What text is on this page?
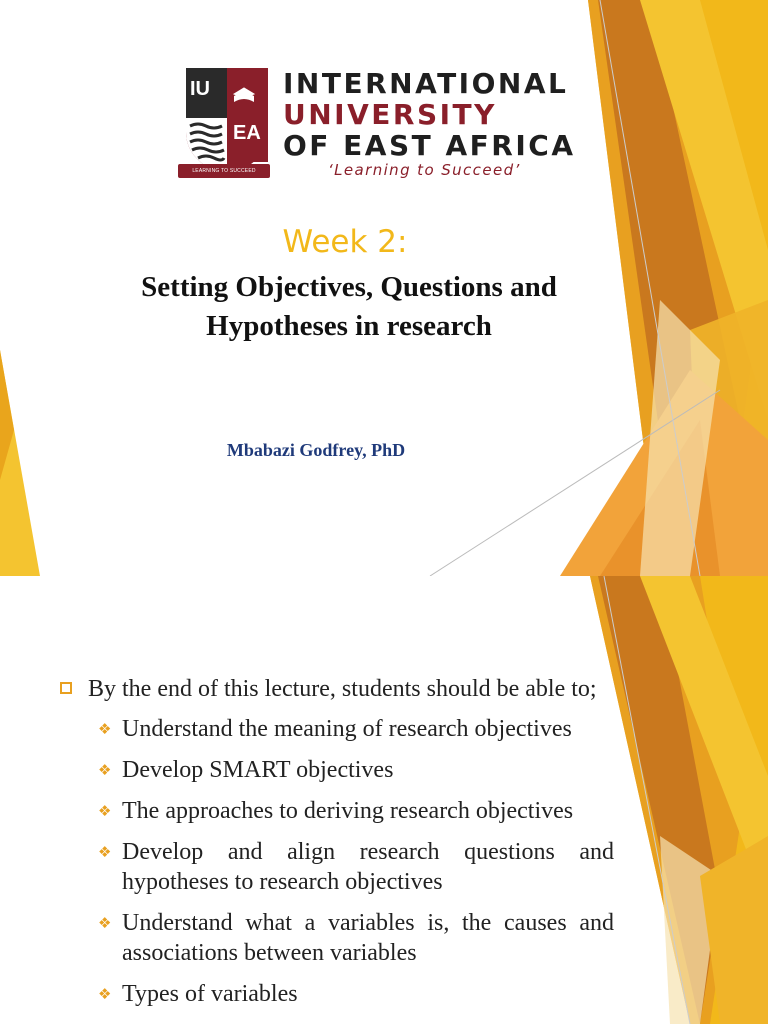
IU
EA
LEARNING TO SUCCEED
INTERNATIONAL
UNIVERSITY
OF EAST AFRICA
‘Learning to Succeed’
Week 2:
Setting Objectives, Questions and
Hypotheses in research
Mbabazi Godfrey, PhD
By the end of this lecture, students should be able to;
❖ Understand the meaning of research objectives
❖ Develop SMART objectives
❖ The approaches to deriving research objectives
❖ Develop and align research questions and hypotheses to research objectives
❖ Understand what a variables is, the causes and associations between variables
❖ Types of variables
